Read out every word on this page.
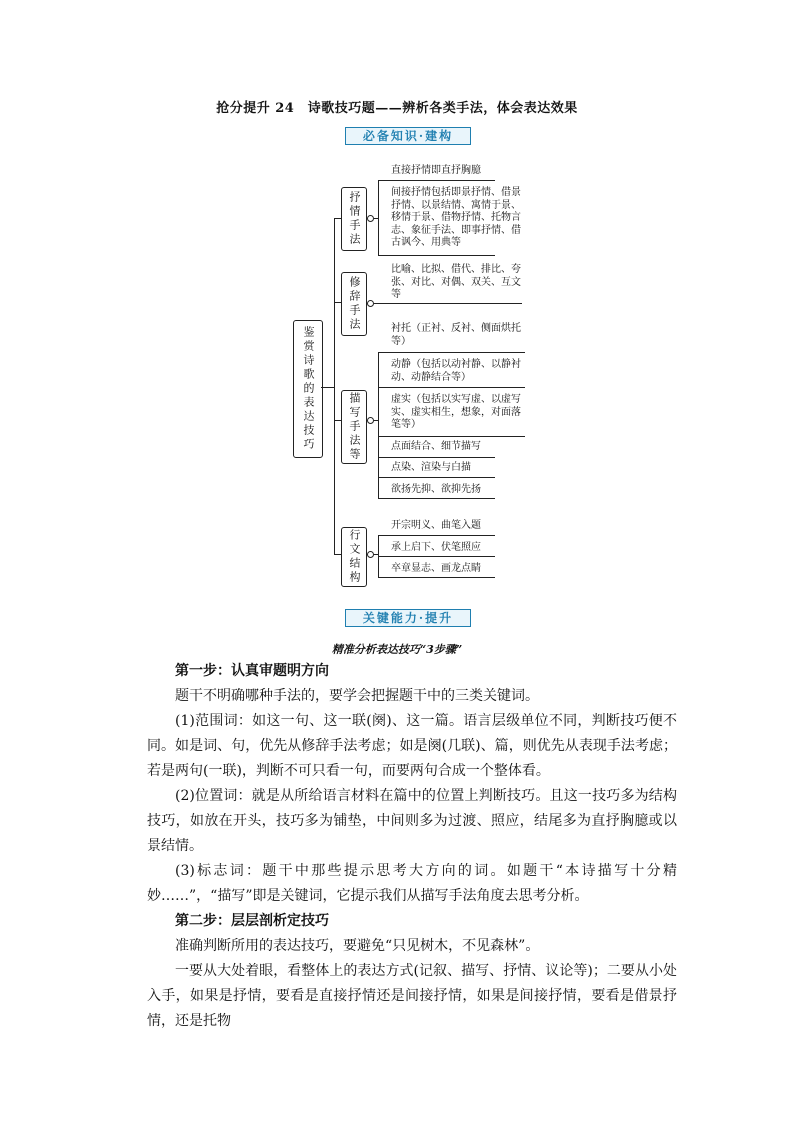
抢分提升 24　诗歌技巧题——辨析各类手法，体会表达效果
必备知识·建构
鉴赏诗歌的表达技巧
抒情手法
直接抒情即直抒胸臆
间接抒情包括即景抒情、借景抒情、以景结情、寓情于景、移情于景、借物抒情、托物言志、象征手法、即事抒情、借古讽今、用典等
修辞手法
比喻、比拟、借代、排比、夸张、对比、对偶、双关、互文等
描写手法等
衬托（正衬、反衬、侧面烘托等）
动静（包括以动衬静、以静衬动、动静结合等）
虚实（包括以实写虚、以虚写实、虚实相生，想象，对面落笔等）
点面结合、细节描写
点染、渲染与白描
欲扬先抑、欲抑先扬
行文结构
开宗明义、曲笔入题
承上启下、伏笔照应
卒章显志、画龙点睛
关键能力·提升
精准分析表达技巧“3步骤”

第一步：认真审题明方向

题干不明确哪种手法的，要学会把握题干中的三类关键词。

(1)范围词：如这一句、这一联(阕)、这一篇。语言层级单位不同，判断技巧便不同。如是词、句，优先从修辞手法考虑；如是阕(几联)、篇，则优先从表现手法考虑；若是两句(一联)，判断不可只看一句，而要两句合成一个整体看。

(2)位置词：就是从所给语言材料在篇中的位置上判断技巧。且这一技巧多为结构技巧，如放在开头，技巧多为铺垫，中间则多为过渡、照应，结尾多为直抒胸臆或以景结情。

(3)标志词：题干中那些提示思考大方向的词。如题干“本诗描写十分精妙……”，“描写”即是关键词，它提示我们从描写手法角度去思考分析。

第二步：层层剖析定技巧

准确判断所用的表达技巧，要避免“只见树木，不见森林”。

一要从大处着眼，看整体上的表达方式(记叙、描写、抒情、议论等)；二要从小处入手，如果是抒情，要看是直接抒情还是间接抒情，如果是间接抒情，要看是借景抒情，还是托物
